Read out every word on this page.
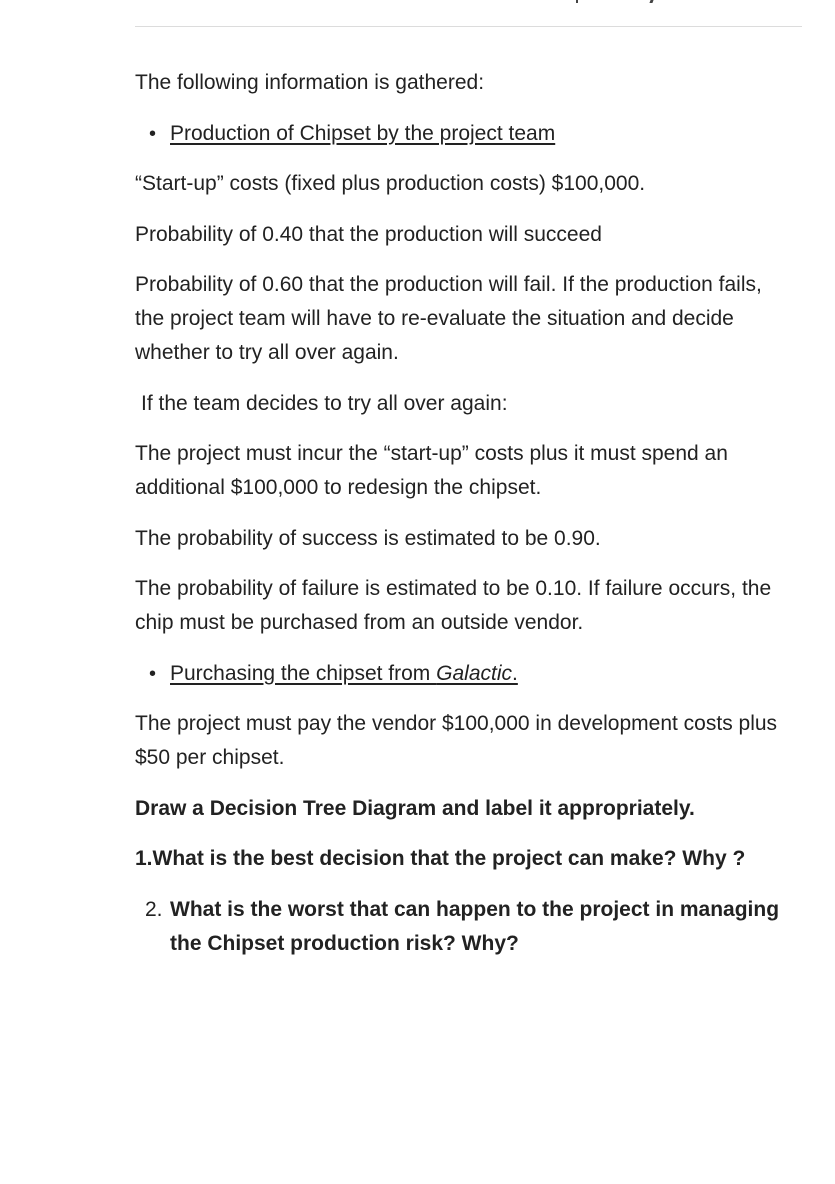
The following information is gathered:

• Production of Chipset by the project team

“Start-up” costs (fixed plus production costs) $100,000.

Probability of 0.40 that the production will succeed

Probability of 0.60 that the production will fail. If the production fails, the project team will have to re-evaluate the situation and decide whether to try all over again.

If the team decides to try all over again:

The project must incur the “start-up” costs plus it must spend an additional $100,000 to redesign the chipset.

The probability of success is estimated to be 0.90.

The probability of failure is estimated to be 0.10. If failure occurs, the chip must be purchased from an outside vendor.

• Purchasing the chipset from Galactic.

The project must pay the vendor $100,000 in development costs plus $50 per chipset.

Draw a Decision Tree Diagram and label it appropriately.

1.What is the best decision that the project can make? Why ?

2. What is the worst that can happen to the project in managing the Chipset production risk? Why?
